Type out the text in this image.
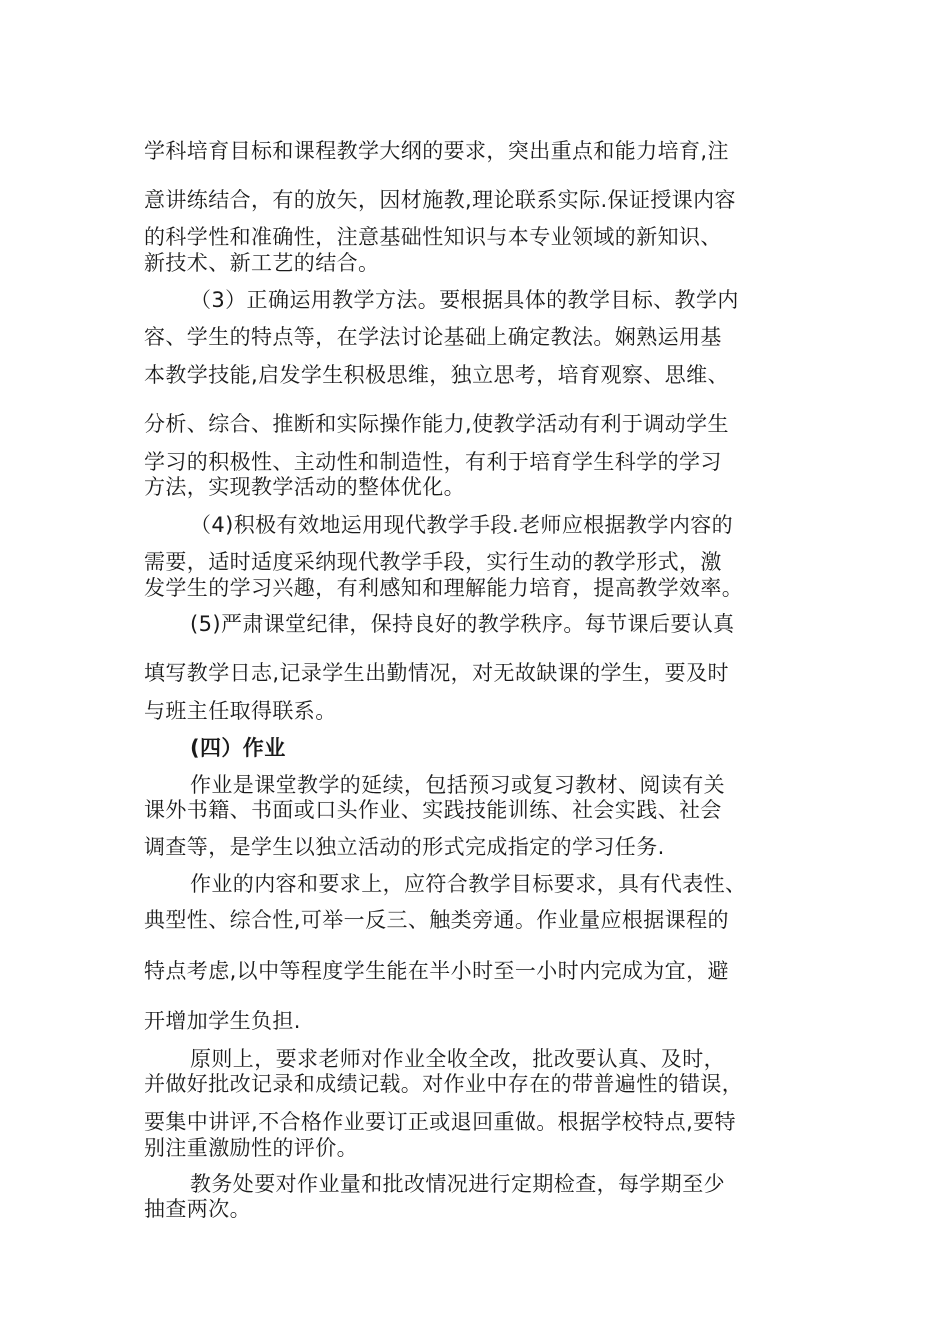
学科培育目标和课程教学大纲的要求，突出重点和能力培育,注
意讲练结合，有的放矢，因材施教,理论联系实际.保证授课内容
的科学性和准确性，注意基础性知识与本专业领域的新知识、
新技术、新工艺的结合。
（3）正确运用教学方法。要根据具体的教学目标、教学内
容、学生的特点等，在学法讨论基础上确定教法。娴熟运用基
本教学技能,启发学生积极思维，独立思考，培育观察、思维、
分析、综合、推断和实际操作能力,使教学活动有利于调动学生
学习的积极性、主动性和制造性，有利于培育学生科学的学习
方法，实现教学活动的整体优化。
（4)积极有效地运用现代教学手段.老师应根据教学内容的
需要，适时适度采纳现代教学手段，实行生动的教学形式，激
发学生的学习兴趣，有利感知和理解能力培育，提高教学效率。
(5)严肃课堂纪律，保持良好的教学秩序。每节课后要认真
填写教学日志,记录学生出勤情况，对无故缺课的学生，要及时
与班主任取得联系。
(四）作业
作业是课堂教学的延续，包括预习或复习教材、阅读有关
课外书籍、书面或口头作业、实践技能训练、社会实践、社会
调查等，是学生以独立活动的形式完成指定的学习任务.
作业的内容和要求上，应符合教学目标要求，具有代表性、
典型性、综合性,可举一反三、触类旁通。作业量应根据课程的
特点考虑,以中等程度学生能在半小时至一小时内完成为宜，避
开增加学生负担.
原则上，要求老师对作业全收全改，批改要认真、及时，
并做好批改记录和成绩记载。对作业中存在的带普遍性的错误，
要集中讲评,不合格作业要订正或退回重做。根据学校特点,要特
别注重激励性的评价。
教务处要对作业量和批改情况进行定期检查，每学期至少
抽查两次。
